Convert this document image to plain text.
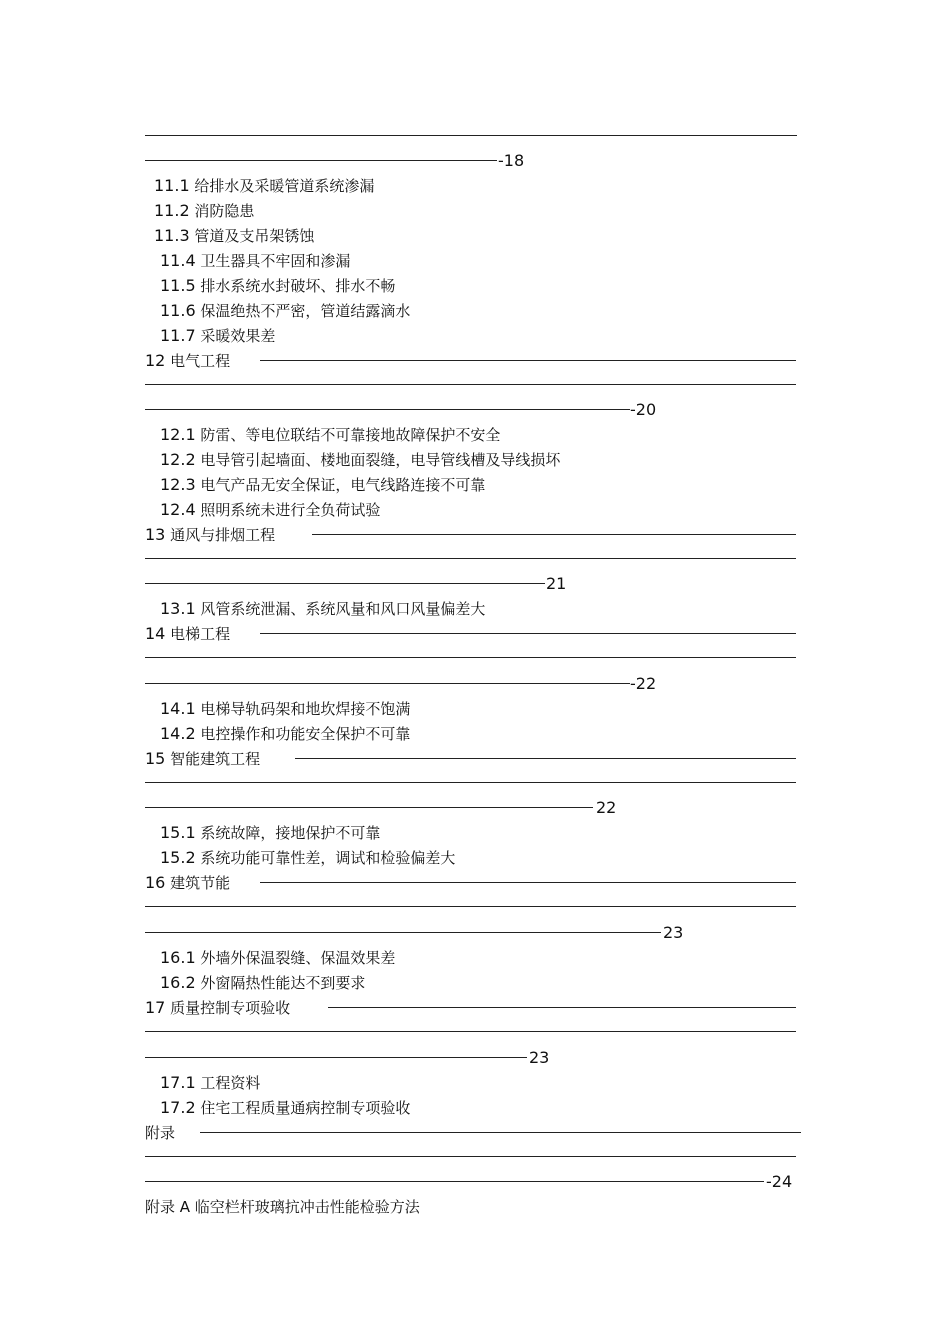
-18
11.1 给排水及采暖管道系统渗漏
11.2 消防隐患
11.3 管道及支吊架锈蚀
11.4 卫生器具不牢固和渗漏
11.5 排水系统水封破坏、排水不畅
11.6 保温绝热不严密，管道结露滴水
11.7 采暖效果差
12 电气工程
-20
12.1 防雷、等电位联结不可靠接地故障保护不安全
12.2 电导管引起墙面、楼地面裂缝，电导管线槽及导线损坏
12.3 电气产品无安全保证，电气线路连接不可靠
12.4 照明系统未进行全负荷试验
13 通风与排烟工程
21
13.1 风管系统泄漏、系统风量和风口风量偏差大
14 电梯工程
-22
14.1 电梯导轨码架和地坎焊接不饱满
14.2 电控操作和功能安全保护不可靠
15 智能建筑工程
22
15.1 系统故障，接地保护不可靠
15.2 系统功能可靠性差，调试和检验偏差大
16 建筑节能
23
16.1 外墙外保温裂缝、保温效果差
16.2 外窗隔热性能达不到要求
17 质量控制专项验收
23
17.1 工程资料
17.2 住宅工程质量通病控制专项验收
附录
-24
附录 A 临空栏杆玻璃抗冲击性能检验方法
